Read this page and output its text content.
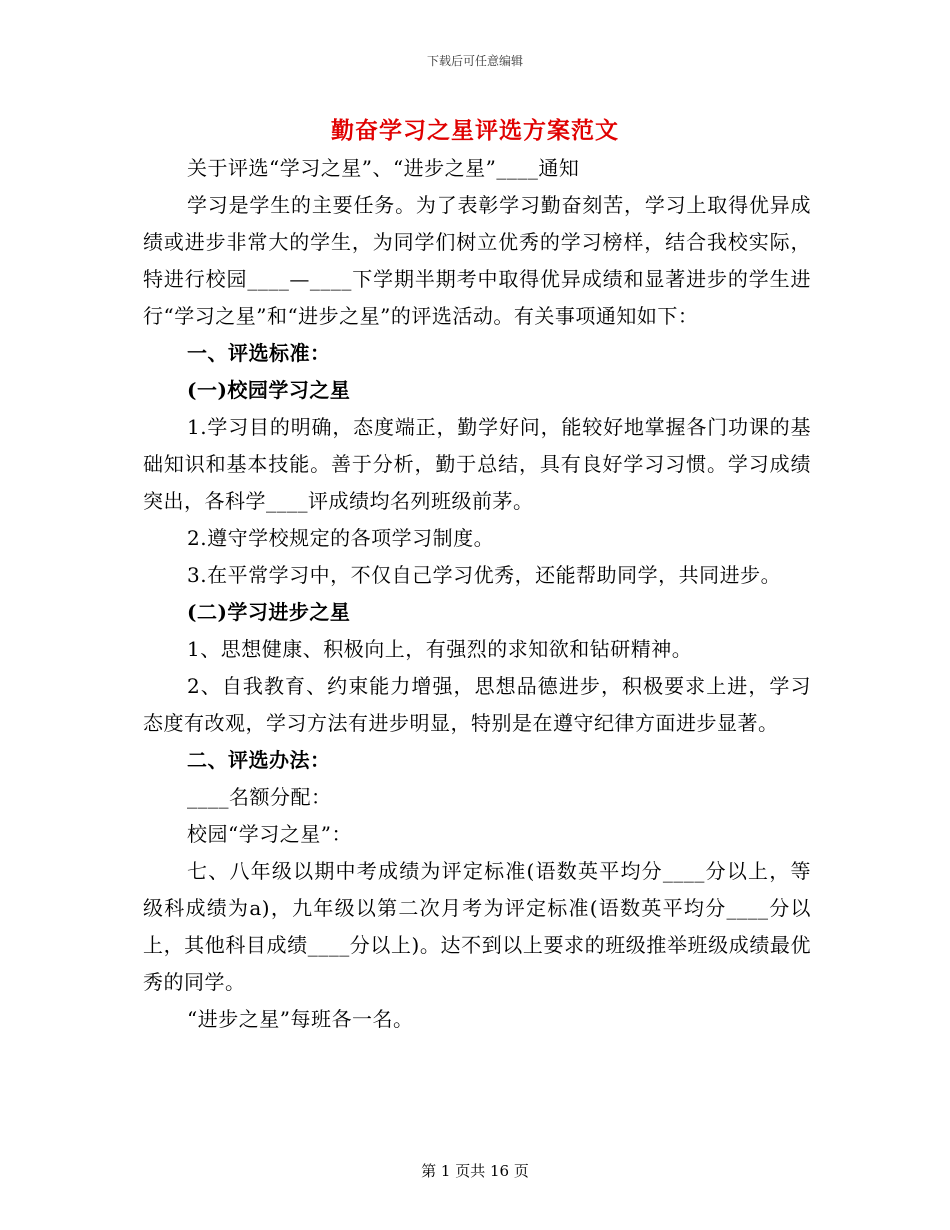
下载后可任意编辑
勤奋学习之星评选方案范文

关于评选“学习之星”、“进步之星”____通知

学习是学生的主要任务。为了表彰学习勤奋刻苦，学习上取得优异成绩或进步非常大的学生，为同学们树立优秀的学习榜样，结合我校实际，特进行校园____—____下学期半期考中取得优异成绩和显著进步的学生进行“学习之星”和“进步之星”的评选活动。有关事项通知如下：

一、评选标准：

(一)校园学习之星

1.学习目的明确，态度端正，勤学好问，能较好地掌握各门功课的基础知识和基本技能。善于分析，勤于总结，具有良好学习习惯。学习成绩突出，各科学____评成绩均名列班级前茅。

2.遵守学校规定的各项学习制度。

3.在平常学习中，不仅自己学习优秀，还能帮助同学，共同进步。

(二)学习进步之星

1、思想健康、积极向上，有强烈的求知欲和钻研精神。

2、自我教育、约束能力增强，思想品德进步，积极要求上进，学习态度有改观，学习方法有进步明显，特别是在遵守纪律方面进步显著。

二、评选办法：

____名额分配：

校园“学习之星”：

七、八年级以期中考成绩为评定标准(语数英平均分____分以上，等级科成绩为a)，九年级以第二次月考为评定标准(语数英平均分____分以上，其他科目成绩____分以上)。达不到以上要求的班级推举班级成绩最优秀的同学。

“进步之星”每班各一名。

第 1 页共 16 页
